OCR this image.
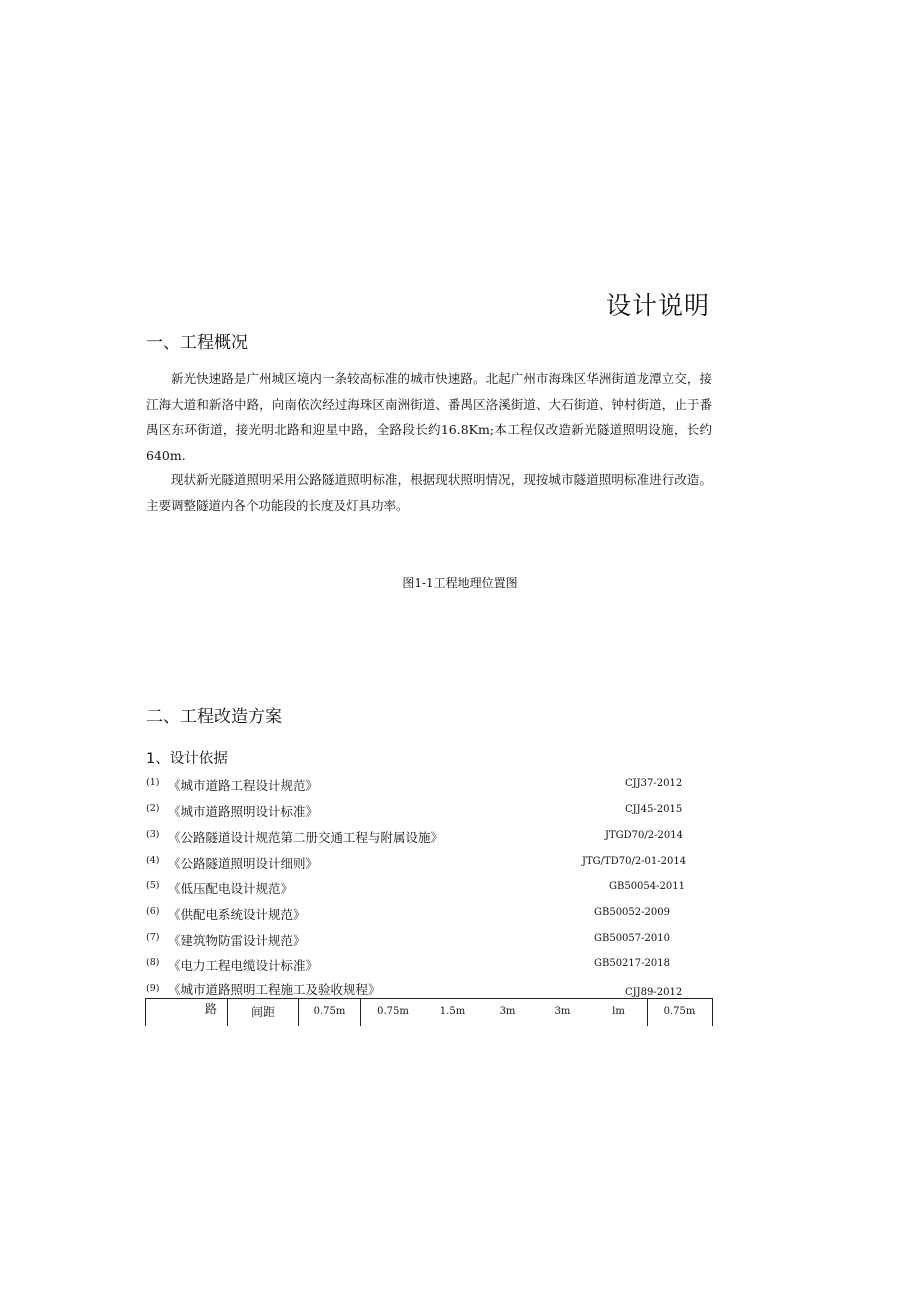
设计说明
一、工程概况
新光快速路是广州城区境内一条较高标准的城市快速路。北起广州市海珠区华洲街道龙潭立交，接江海大道和新洛中路，向南依次经过海珠区南洲街道、番禺区洛溪街道、大石街道、钟村街道，止于番禺区东环街道，接光明北路和迎星中路，全路段长约16.8Km;本工程仅改造新光隧道照明设施，长约640m.
现状新光隧道照明采用公路隧道照明标准，根据现状照明情况，现按城市隧道照明标准进行改造。主要调整隧道内各个功能段的长度及灯具功率。
图1-1工程地理位置图
二、工程改造方案
1、设计依据
(1) 《城市道路工程设计规范》	CJJ37-2012
(2) 《城市道路照明设计标准》	CJJ45-2015
(3) 《公路隧道设计规范第二册交通工程与附属设施》	JTGD70/2-2014
(4) 《公路隧道照明设计细则》	JTG/TD70/2-01-2014
(5) 《低压配电设计规范》	GB50054-2011
(6) 《供配电系统设计规范》	GB50052-2009
(7) 《建筑物防雷设计规范》	GB50057-2010
(8) 《电力工程电缆设计标准》	GB50217-2018
(9) 《城市道路照明工程施工及验收规程》	CJJ89-2012
路	间距	0.75m	0.75m	1.5m	3m	3m	lm	0.75m
